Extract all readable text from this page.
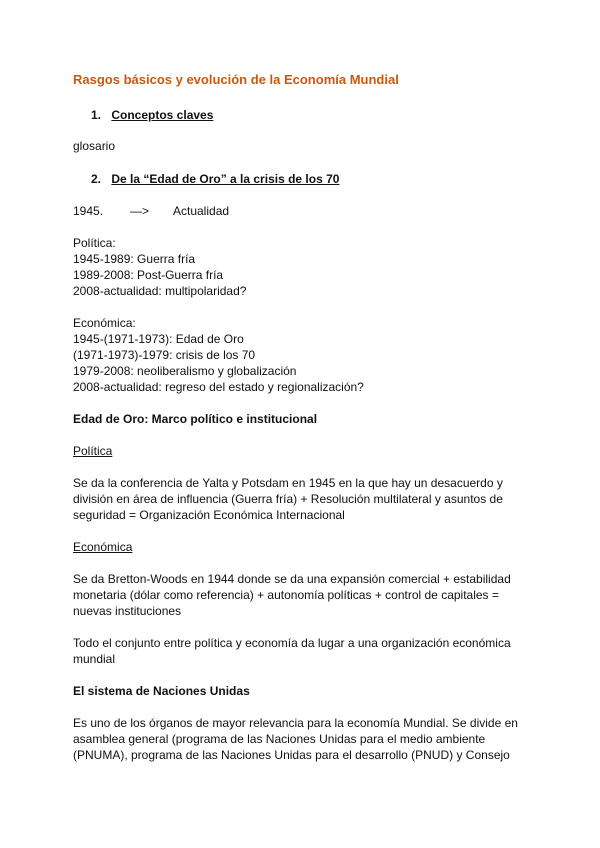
Rasgos básicos y evolución de la Economía Mundial
1. Conceptos claves
glosario
2. De la “Edad de Oro” a la crisis de los 70
1945. —> Actualidad
Política:
1945-1989: Guerra fría
1989-2008: Post-Guerra fría
2008-actualidad: multipolaridad?
Económica:
1945-(1971-1973): Edad de Oro
(1971-1973)-1979: crisis de los 70
1979-2008: neoliberalismo y globalización
2008-actualidad: regreso del estado y regionalización?
Edad de Oro: Marco político e institucional
Política
Se da la conferencia de Yalta y Potsdam en 1945 en la que hay un desacuerdo y
división en área de influencia (Guerra fría) + Resolución multilateral y asuntos de
seguridad = Organización Económica Internacional
Económica
Se da Bretton-Woods en 1944 donde se da una expansión comercial + estabilidad
monetaria (dólar como referencia) + autonomía políticas + control de capitales =
nuevas instituciones
Todo el conjunto entre política y economía da lugar a una organización económica
mundial
El sistema de Naciones Unidas
Es uno de los órganos de mayor relevancia para la economía Mundial. Se divide en
asamblea general (programa de las Naciones Unidas para el medio ambiente
(PNUMA), programa de las Naciones Unidas para el desarrollo (PNUD) y Consejo
